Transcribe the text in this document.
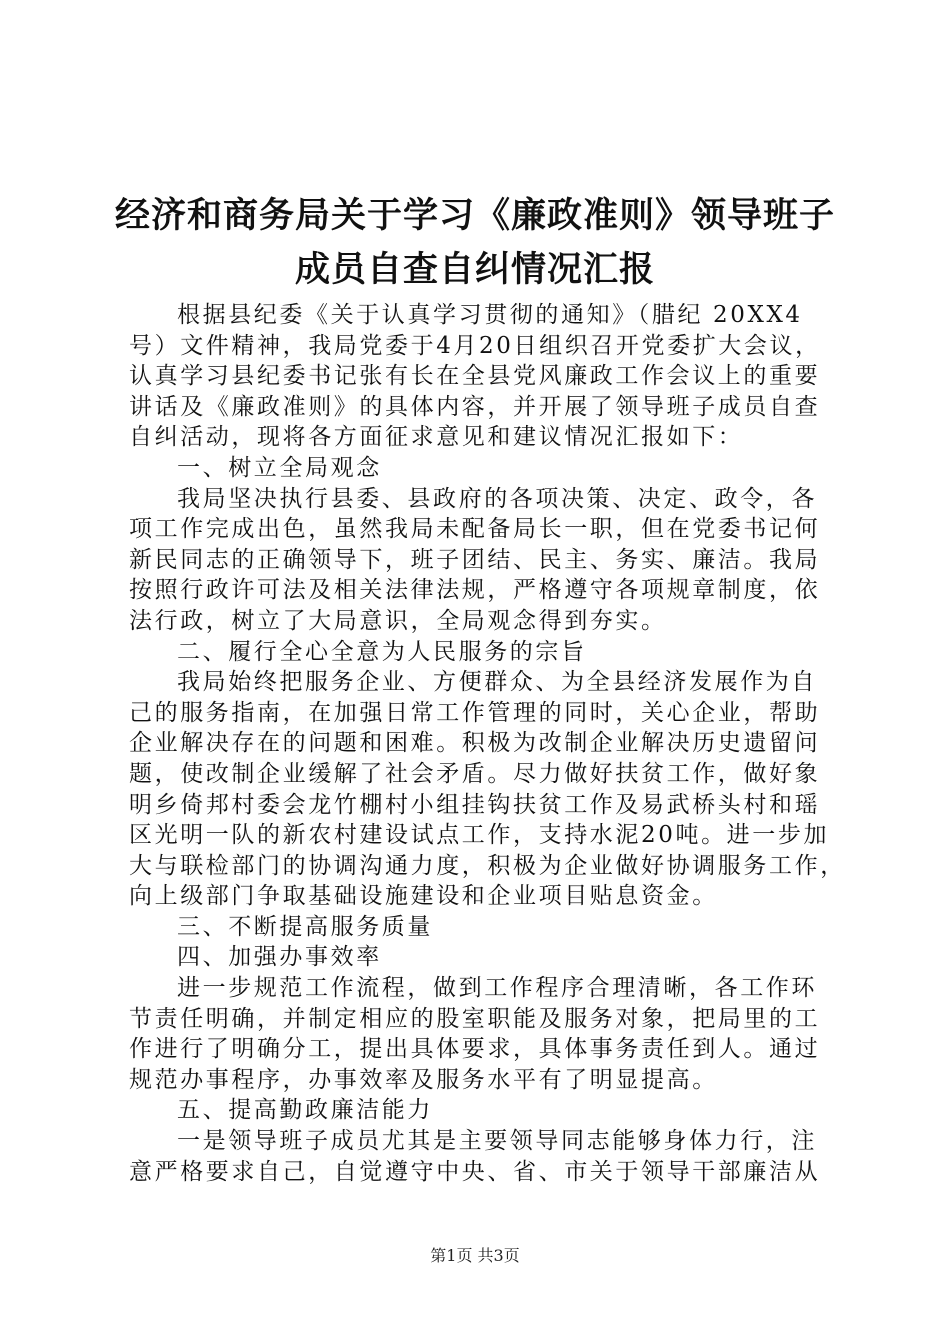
经济和商务局关于学习《廉政准则》领导班子
成员自查自纠情况汇报
根据县纪委《关于认真学习贯彻的通知》（腊纪 20XX4
号）文件精神，我局党委于4月20日组织召开党委扩大会议，
认真学习县纪委书记张有长在全县党风廉政工作会议上的重要
讲话及《廉政准则》的具体内容，并开展了领导班子成员自查
自纠活动，现将各方面征求意见和建议情况汇报如下：
一、树立全局观念
我局坚决执行县委、县政府的各项决策、决定、政令，各
项工作完成出色，虽然我局未配备局长一职，但在党委书记何
新民同志的正确领导下，班子团结、民主、务实、廉洁。我局
按照行政许可法及相关法律法规，严格遵守各项规章制度，依
法行政，树立了大局意识，全局观念得到夯实。
二、履行全心全意为人民服务的宗旨
我局始终把服务企业、方便群众、为全县经济发展作为自
己的服务指南，在加强日常工作管理的同时，关心企业，帮助
企业解决存在的问题和困难。积极为改制企业解决历史遗留问
题，使改制企业缓解了社会矛盾。尽力做好扶贫工作，做好象
明乡倚邦村委会龙竹棚村小组挂钩扶贫工作及易武桥头村和瑶
区光明一队的新农村建设试点工作，支持水泥20吨。进一步加
大与联检部门的协调沟通力度，积极为企业做好协调服务工作，
向上级部门争取基础设施建设和企业项目贴息资金。
三、不断提高服务质量
四、加强办事效率
进一步规范工作流程，做到工作程序合理清晰，各工作环
节责任明确，并制定相应的股室职能及服务对象，把局里的工
作进行了明确分工，提出具体要求，具体事务责任到人。通过
规范办事程序，办事效率及服务水平有了明显提高。
五、提高勤政廉洁能力
一是领导班子成员尤其是主要领导同志能够身体力行，注
意严格要求自己，自觉遵守中央、省、市关于领导干部廉洁从
第1页 共3页
